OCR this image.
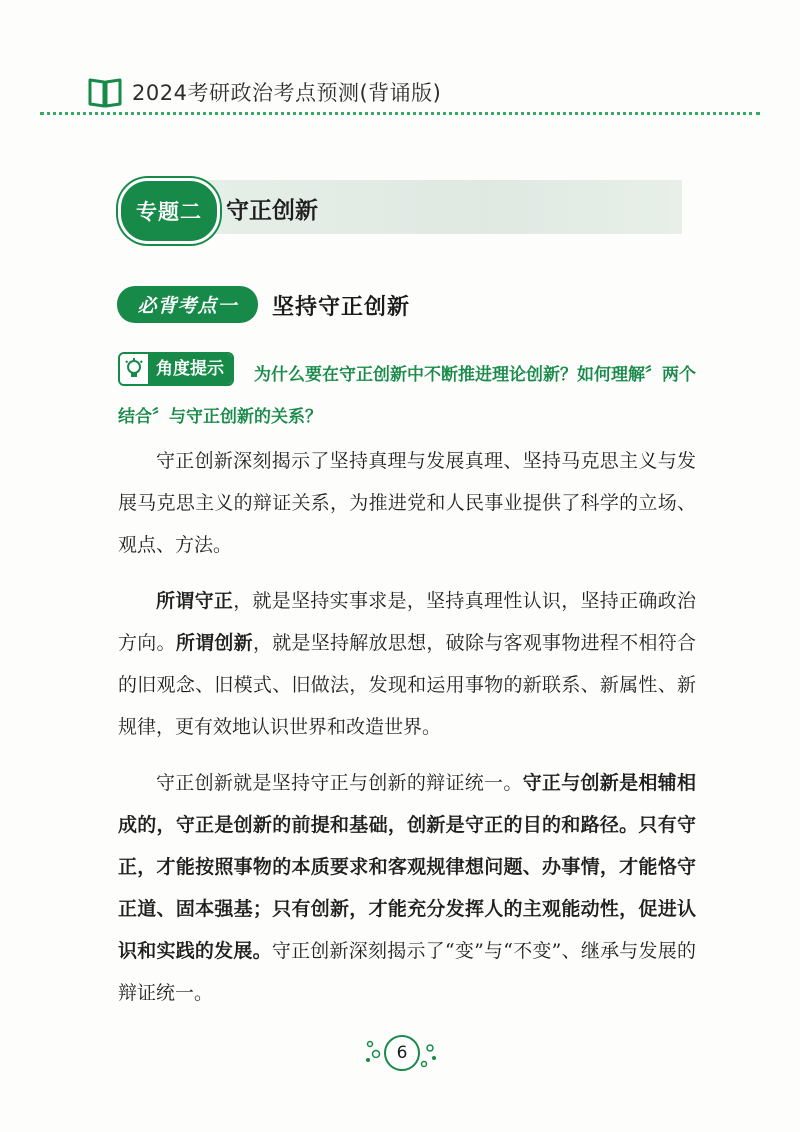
2024考研政治考点预测(背诵版)
专题二 守正创新
必背考点一 坚持守正创新
角度提示	为什么要在守正创新中不断推进理论创新？如何理解〞两个结合〞与守正创新的关系？

守正创新深刻揭示了坚持真理与发展真理、坚持马克思主义与发展马克思主义的辩证关系，为推进党和人民事业提供了科学的立场、观点、方法。

所谓守正，就是坚持实事求是，坚持真理性认识，坚持正确政治方向。所谓创新，就是坚持解放思想，破除与客观事物进程不相符合的旧观念、旧模式、旧做法，发现和运用事物的新联系、新属性、新规律，更有效地认识世界和改造世界。

守正创新就是坚持守正与创新的辩证统一。守正与创新是相辅相成的，守正是创新的前提和基础，创新是守正的目的和路径。只有守正，才能按照事物的本质要求和客观规律想问题、办事情，才能恪守正道、固本强基；只有创新，才能充分发挥人的主观能动性，促进认识和实践的发展。守正创新深刻揭示了“变”与“不变”、继承与发展的辩证统一。

6
